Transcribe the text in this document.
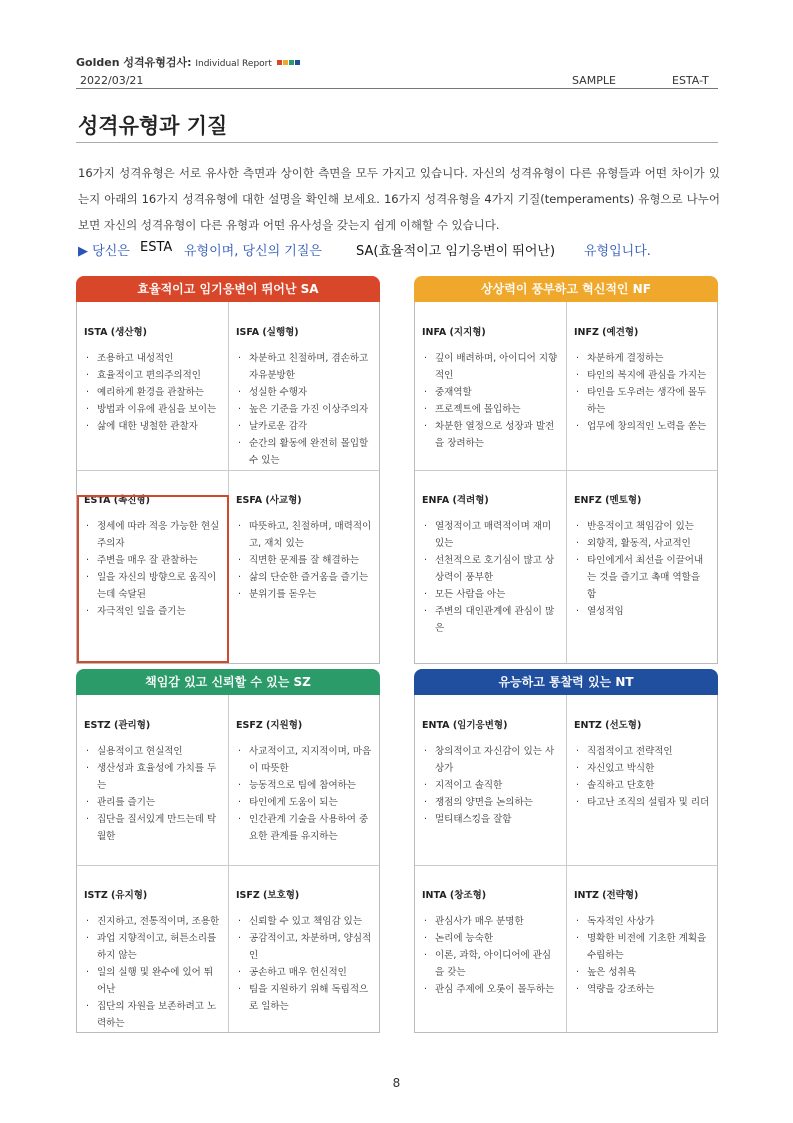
Golden 성격유형검사: Individual Report
2022/03/21	SAMPLE	ESTA-T
성격유형과 기질
16가지 성격유형은 서로 유사한 측면과 상이한 측면을 모두 가지고 있습니다. 자신의 성격유형이 다른 유형들과 어떤 차이가 있는지 아래의 16가지 성격유형에 대한 설명을 확인해 보세요. 16가지 성격유형을 4가지 기질(temperaments) 유형으로 나누어보면 자신의 성격유형이 다른 유형과 어떤 유사성을 갖는지 쉽게 이해할 수 있습니다.
▶ 당신은 ESTA 유형이며, 당신의 기질은	SA(효율적이고 임기응변이 뛰어난) 유형입니다.
효율적이고 임기응변이 뛰어난 SA
ISTA (생산형)
· 조용하고 내성적인
· 효율적이고 편의주의적인
· 예리하게 환경을 관찰하는
· 방법과 이유에 관심을 보이는
· 삶에 대한 냉철한 관찰자
ISFA (실행형)
· 차분하고 친절하며, 겸손하고 자유분방한
· 성실한 수행자
· 높은 기준을 가진 이상주의자
· 날카로운 감각
· 순간의 활동에 완전히 몰입할 수 있는
ESTA (촉진형)
· 정세에 따라 적응 가능한 현실주의자
· 주변을 매우 잘 관찰하는
· 일을 자신의 방향으로 움직이는데 숙달된
· 자극적인 일을 즐기는
ESFA (사교형)
· 따뜻하고, 친절하며, 매력적이고, 재치 있는
· 직면한 문제를 잘 해결하는
· 삶의 단순한 즐거움을 즐기는
· 분위기를 돋우는
상상력이 풍부하고 혁신적인 NF
INFA (지지형)
· 깊이 배려하며, 아이디어 지향적인
· 중재역할
· 프로젝트에 몰입하는
· 차분한 열정으로 성장과 발전을 장려하는
INFZ (예견형)
· 차분하게 결정하는
· 타인의 복지에 관심을 가지는
· 타인을 도우려는 생각에 몰두하는
· 업무에 창의적인 노력을 쏟는
ENFA (격려형)
· 열정적이고 매력적이며 재미있는
· 선천적으로 호기심이 많고 상상력이 풍부한
· 모든 사람을 아는
· 주변의 대인관계에 관심이 많은
ENFZ (멘토형)
· 반응적이고 책임감이 있는
· 외향적, 활동적, 사교적인
· 타인에게서 최선을 이끌어내는 것을 즐기고 촉매 역할을 함
· 열성적임
책임감 있고 신뢰할 수 있는 SZ
ESTZ (관리형)
· 실용적이고 현실적인
· 생산성과 효율성에 가치를 두는
· 관리를 즐기는
· 집단을 질서있게 만드는데 탁월한
ESFZ (지원형)
· 사교적이고, 지지적이며, 마음이 따뜻한
· 능동적으로 팀에 참여하는
· 타인에게 도움이 되는
· 인간관계 기술을 사용하여 중요한 관계를 유지하는
ISTZ (유지형)
· 진지하고, 전통적이며, 조용한
· 과업 지향적이고, 허튼소리를 하지 않는
· 일의 실행 및 완수에 있어 뛰어난
· 집단의 자원을 보존하려고 노력하는
ISFZ (보호형)
· 신뢰할 수 있고 책임감 있는
· 공감적이고, 차분하며, 양심적인
· 공손하고 매우 헌신적인
· 팀을 지원하기 위해 독립적으로 일하는
유능하고 통찰력 있는 NT
ENTA (임기응변형)
· 창의적이고 자신감이 있는 사상가
· 지적이고 솔직한
· 쟁점의 양면을 논의하는
· 멀티태스킹을 잘함
ENTZ (선도형)
· 직접적이고 전략적인
· 자신있고 박식한
· 솔직하고 단호한
· 타고난 조직의 설립자 및 리더
INTA (창조형)
· 관심사가 매우 분명한
· 논리에 능숙한
· 이론, 과학, 아이디어에 관심을 갖는
· 관심 주제에 오롯이 몰두하는
INTZ (전략형)
· 독자적인 사상가
· 명확한 비전에 기초한 계획을 수립하는
· 높은 성취욕
· 역량을 강조하는
8
